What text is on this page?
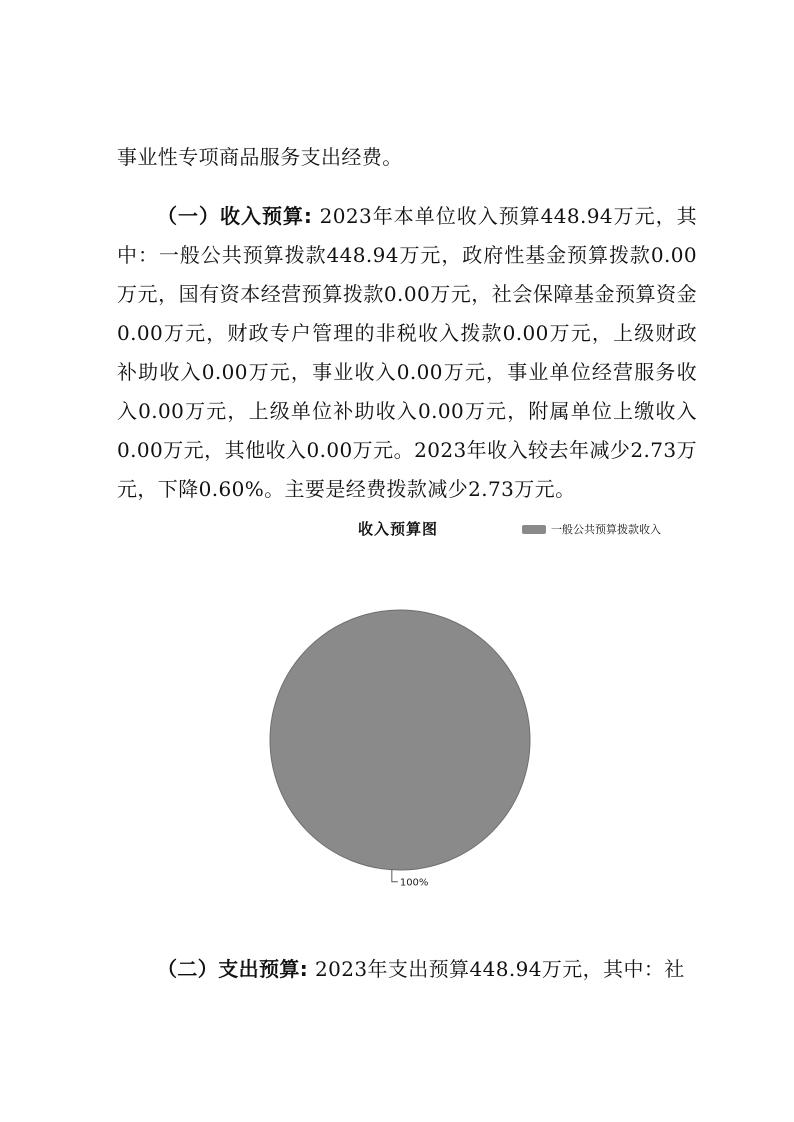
事业性专项商品服务支出经费。

（一）收入预算: 2023年本单位收入预算448.94万元，其中：一般公共预算拨款448.94万元，政府性基金预算拨款0.00万元，国有资本经营预算拨款0.00万元，社会保障基金预算资金0.00万元，财政专户管理的非税收入拨款0.00万元，上级财政补助收入0.00万元，事业收入0.00万元，事业单位经营服务收入0.00万元，上级单位补助收入0.00万元，附属单位上缴收入0.00万元，其他收入0.00万元。2023年收入较去年减少2.73万元，下降0.60%。主要是经费拨款减少2.73万元。

收入预算图	一般公共预算拨款收入
100%

（二）支出预算: 2023年支出预算448.94万元，其中：社
